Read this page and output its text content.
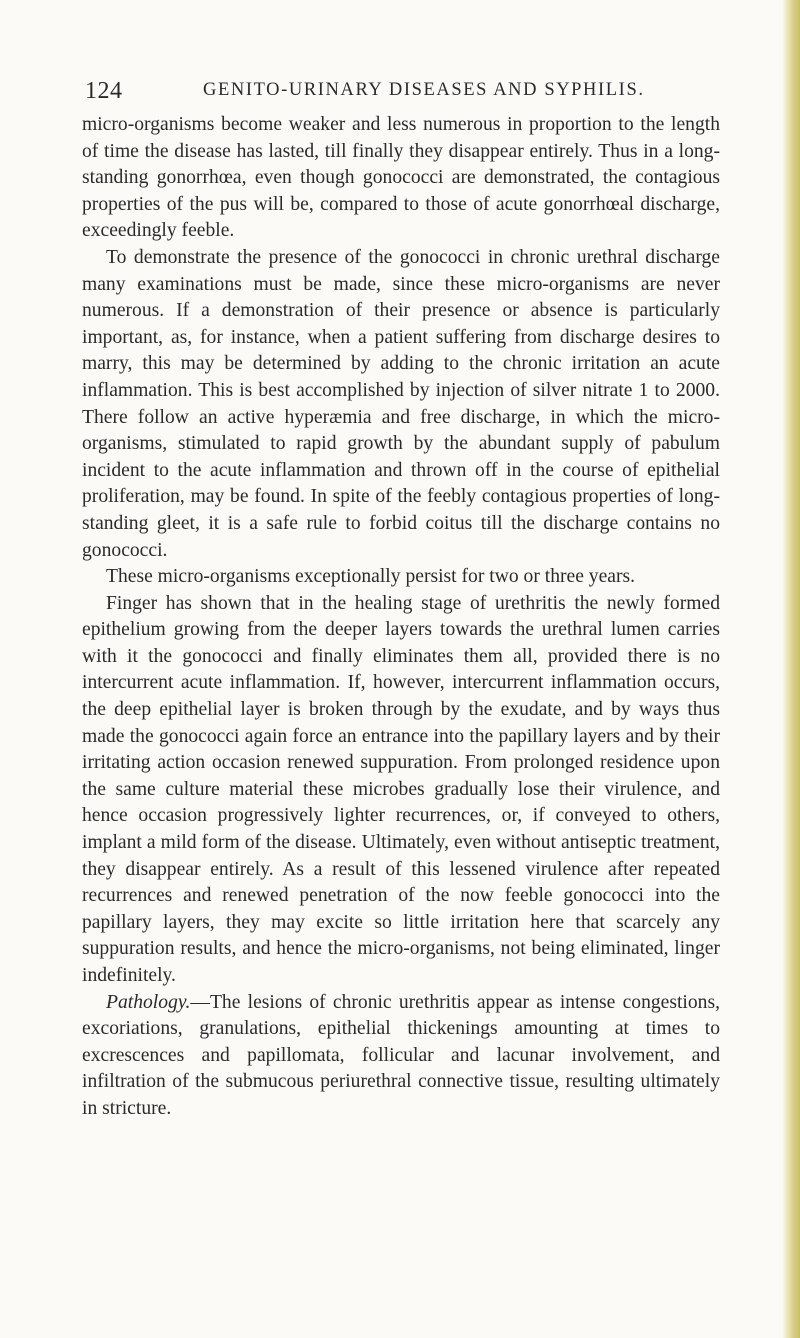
124	GENITO-URINARY DISEASES AND SYPHILIS.

micro-organisms become weaker and less numerous in proportion to the length of time the disease has lasted, till finally they disappear entirely. Thus in a long-standing gonorrhœa, even though gonococci are demonstrated, the contagious properties of the pus will be, compared to those of acute gonorrhœal discharge, exceedingly feeble.

To demonstrate the presence of the gonococci in chronic urethral discharge many examinations must be made, since these micro-organisms are never numerous. If a demonstration of their presence or absence is particularly important, as, for instance, when a patient suffering from discharge desires to marry, this may be determined by adding to the chronic irritation an acute inflammation. This is best accomplished by injection of silver nitrate 1 to 2000. There follow an active hyperæmia and free discharge, in which the micro-organisms, stimulated to rapid growth by the abundant supply of pabulum incident to the acute inflammation and thrown off in the course of epithelial proliferation, may be found. In spite of the feebly contagious properties of long-standing gleet, it is a safe rule to forbid coitus till the discharge contains no gonococci.

These micro-organisms exceptionally persist for two or three years.

Finger has shown that in the healing stage of urethritis the newly formed epithelium growing from the deeper layers towards the urethral lumen carries with it the gonococci and finally eliminates them all, provided there is no intercurrent acute inflammation. If, however, intercurrent inflammation occurs, the deep epithelial layer is broken through by the exudate, and by ways thus made the gonococci again force an entrance into the papillary layers and by their irritating action occasion renewed suppuration. From prolonged residence upon the same culture material these microbes gradually lose their virulence, and hence occasion progressively lighter recurrences, or, if conveyed to others, implant a mild form of the disease. Ultimately, even without antiseptic treatment, they disappear entirely. As a result of this lessened virulence after repeated recurrences and renewed penetration of the now feeble gonococci into the papillary layers, they may excite so little irritation here that scarcely any suppuration results, and hence the micro-organisms, not being eliminated, linger indefinitely.

Pathology.—The lesions of chronic urethritis appear as intense congestions, excoriations, granulations, epithelial thickenings amounting at times to excrescences and papillomata, follicular and lacunar involvement, and infiltration of the submucous periurethral connective tissue, resulting ultimately in stricture.
